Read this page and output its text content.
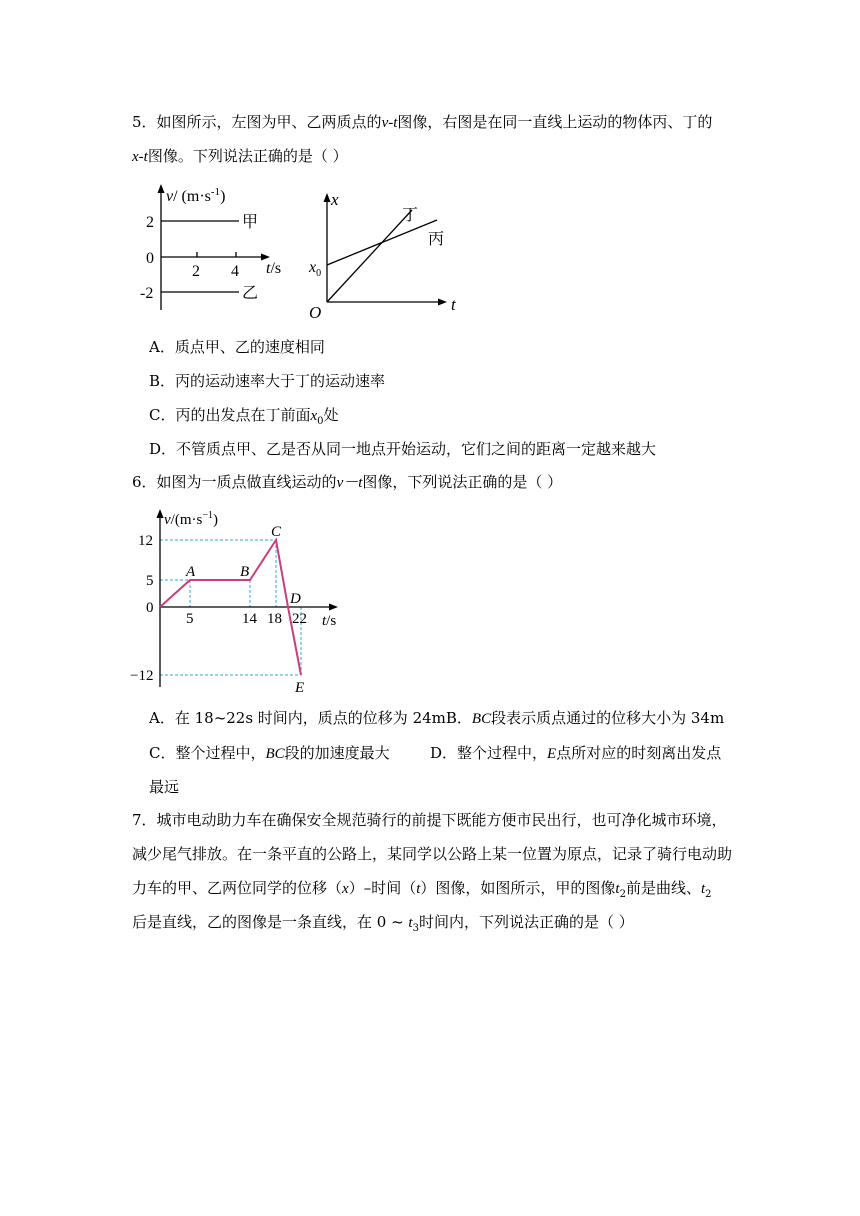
5．如图所示，左图为甲、乙两质点的v-t图像，右图是在同一直线上运动的物体丙、丁的
x-t图像。下列说法正确的是（ ）
v/ $(m\cdot s^{-1})$
2
0
-2
2 4 t/s
甲
乙
x
t
O
$x_0$
丁
丙
A．质点甲、乙的速度相同
B．丙的运动速率大于丁的运动速率
C．丙的出发点在丁前面$x_0$处
D．不管质点甲、乙是否从同一地点开始运动，它们之间的距离一定越来越大
6．如图为一质点做直线运动的v－t图像，下列说法正确的是（ ）
$v/(m\cdot s^{-1})$
12
5
0
−12
5	14 18 22 t/s
A	B
C
D
E
A．在 18~22s 时间内，质点的位移为 24mB．BC段表示质点通过的位移大小为 34m
C．整个过程中，BC段的加速度最大	D．整个过程中，E点所对应的时刻离出发点
最远
7．城市电动助力车在确保安全规范骑行的前提下既能方便市民出行，也可净化城市环境，
减少尾气排放。在一条平直的公路上，某同学以公路上某一位置为原点，记录了骑行电动助
力车的甲、乙两位同学的位移（x）–时间（t）图像，如图所示，甲的图像$t_2$前是曲线、$t_2$
后是直线，乙的图像是一条直线，在 0 ~ $t_3$时间内，下列说法正确的是（ ）
